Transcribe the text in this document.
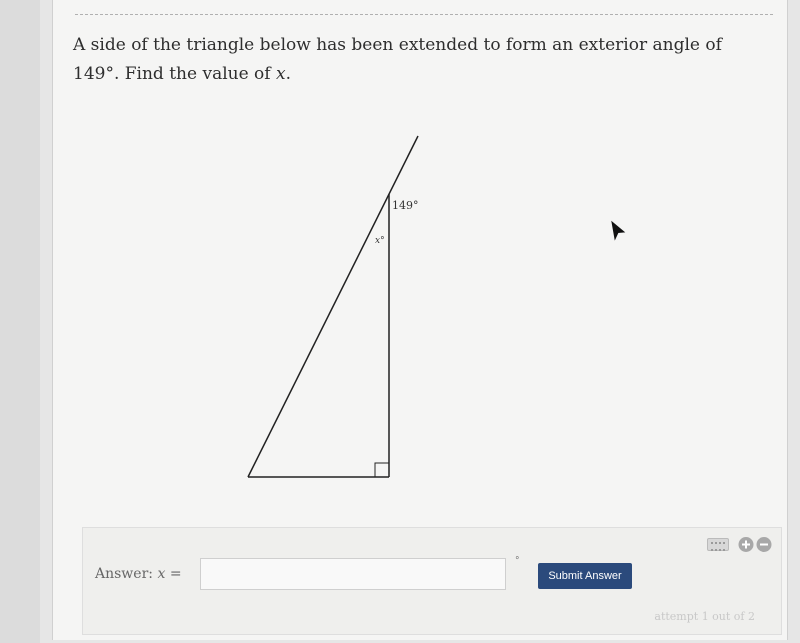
A side of the triangle below has been extended to form an exterior angle of 149°. Find the value of x.
149°
x°
Answer: x =
°
Submit Answer
attempt 1 out of 2
